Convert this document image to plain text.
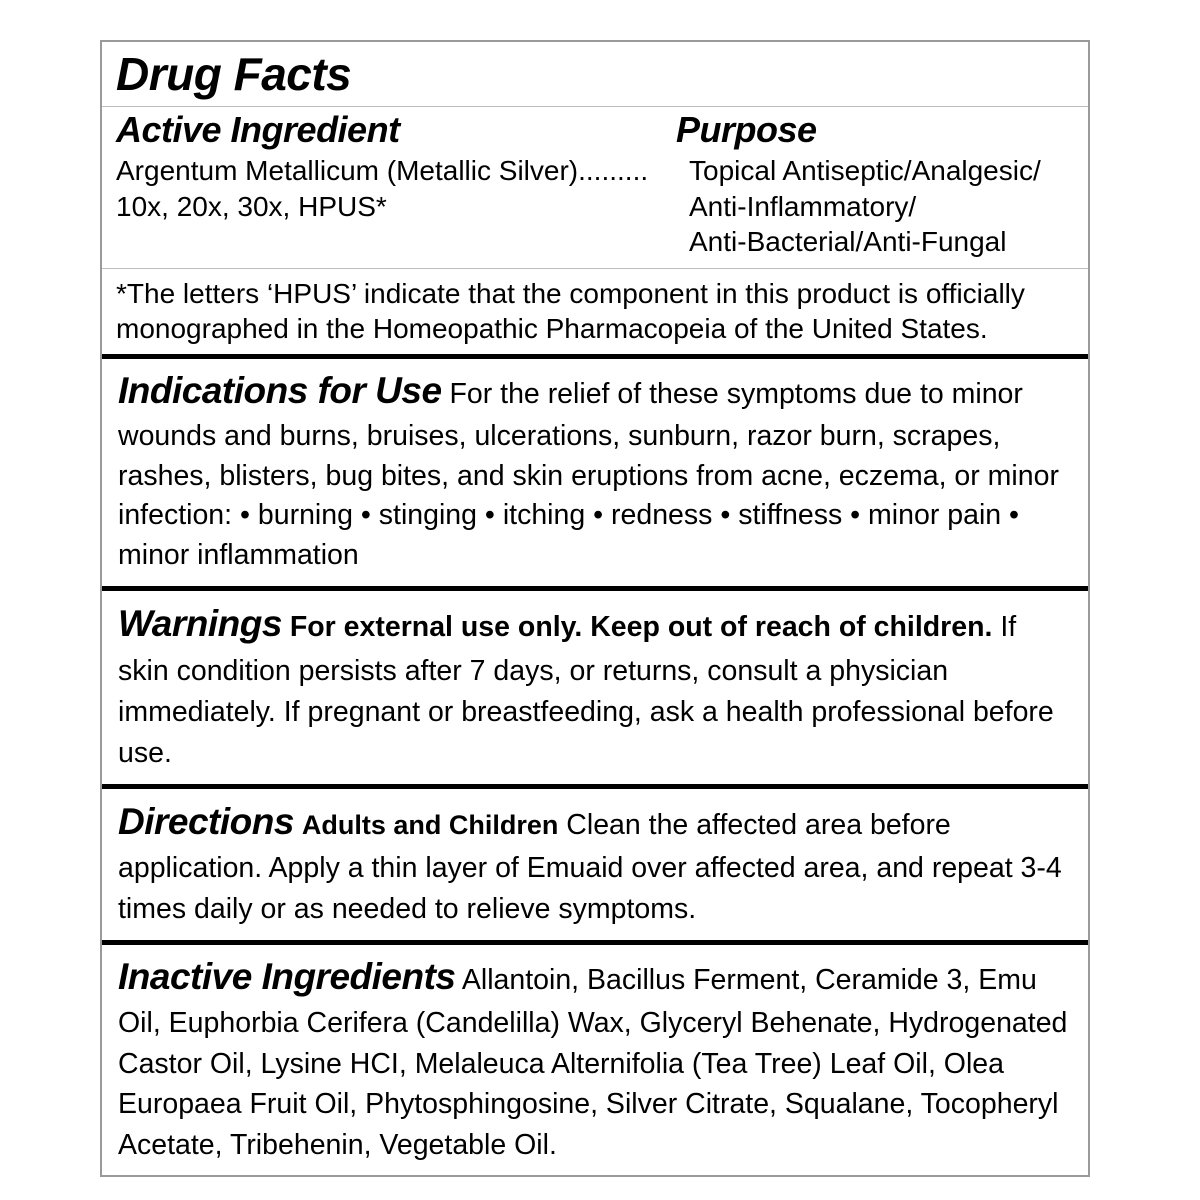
Drug Facts
Active Ingredient	Purpose
Argentum Metallicum (Metallic Silver).........
10x, 20x, 30x, HPUS*
Topical Antiseptic/Analgesic/
Anti-Inflammatory/
Anti-Bacterial/Anti-Fungal
*The letters ‘HPUS’ indicate that the component in this product is officially monographed in the Homeopathic Pharmacopeia of the United States.
Indications for Use For the relief of these symptoms due to minor wounds and burns, bruises, ulcerations, sunburn, razor burn, scrapes, rashes, blisters, bug bites, and skin eruptions from acne, eczema, or minor infection: • burning • stinging • itching • redness • stiffness • minor pain • minor inflammation
Warnings For external use only. Keep out of reach of children. If skin condition persists after 7 days, or returns, consult a physician immediately. If pregnant or breastfeeding, ask a health professional before use.
Directions Adults and Children Clean the affected area before application. Apply a thin layer of Emuaid over affected area, and repeat 3-4 times daily or as needed to relieve symptoms.
Inactive Ingredients Allantoin, Bacillus Ferment, Ceramide 3, Emu Oil, Euphorbia Cerifera (Candelilla) Wax, Glyceryl Behenate, Hydrogenated Castor Oil, Lysine HCI, Melaleuca Alternifolia (Tea Tree) Leaf Oil, Olea Europaea Fruit Oil, Phytosphingosine, Silver Citrate, Squalane, Tocopheryl Acetate, Tribehenin, Vegetable Oil.
